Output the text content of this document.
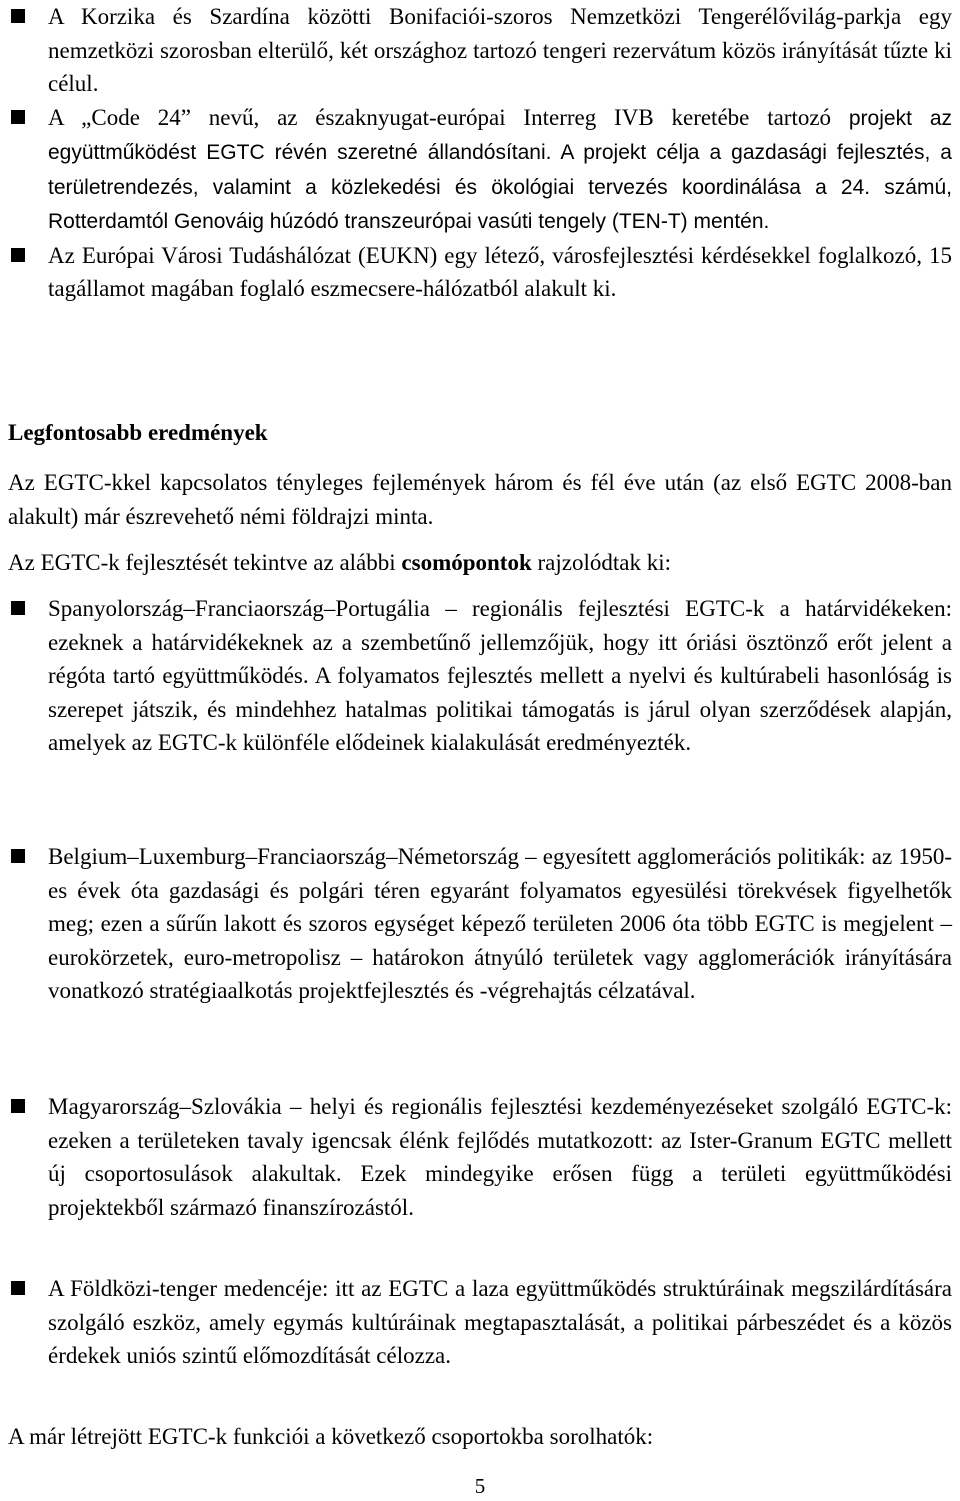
A Korzika és Szardína közötti Bonifaciói-szoros Nemzetközi Tengerélővilág-parkja egy nemzetközi szorosban elterülő, két országhoz tartozó tengeri rezervátum közös irányítását tűzte ki célul.
A „Code 24” nevű, az északnyugat-európai Interreg IVB keretébe tartozó projekt az együttműködést EGTC révén szeretné állandósítani. A projekt célja a gazdasági fejlesztés, a területrendezés, valamint a közlekedési és ökológiai tervezés koordinálása a 24. számú, Rotterdamtól Genováig húzódó transzeurópai vasúti tengely (TEN-T) mentén.
Az Európai Városi Tudáshálózat (EUKN) egy létező, városfejlesztési kérdésekkel foglalkozó, 15 tagállamot magában foglaló eszmecsere-hálózatból alakult ki.
Legfontosabb eredmények

Az EGTC-kkel kapcsolatos tényleges fejlemények három és fél éve után (az első EGTC 2008-ban alakult) már észrevehető némi földrajzi minta.

Az EGTC-k fejlesztését tekintve az alábbi csomópontok rajzolódtak ki:

Spanyolország–Franciaország–Portugália – regionális fejlesztési EGTC-k a határvidékeken: ezeknek a határvidékeknek az a szembetűnő jellemzőjük, hogy itt óriási ösztönző erőt jelent a régóta tartó együttműködés. A folyamatos fejlesztés mellett a nyelvi és kultúrabeli hasonlóság is szerepet játszik, és mindehhez hatalmas politikai támogatás is járul olyan szerződések alapján, amelyek az EGTC-k különféle elődeinek kialakulását eredményezték.
Belgium–Luxemburg–Franciaország–Németország – egyesített agglomerációs politikák: az 1950-es évek óta gazdasági és polgári téren egyaránt folyamatos egyesülési törekvések figyelhetők meg; ezen a sűrűn lakott és szoros egységet képező területen 2006 óta több EGTC is megjelent – eurokörzetek, euro-metropolisz – határokon átnyúló területek vagy agglomerációk irányítására vonatkozó stratégiaalkotás projektfejlesztés és -végrehajtás célzatával.
Magyarország–Szlovákia – helyi és regionális fejlesztési kezdeményezéseket szolgáló EGTC-k: ezeken a területeken tavaly igencsak élénk fejlődés mutatkozott: az Ister-Granum EGTC mellett új csoportosulások alakultak. Ezek mindegyike erősen függ a területi együttműködési projektekből származó finanszírozástól.
A Földközi-tenger medencéje: itt az EGTC a laza együttműködés struktúráinak megszilárdítására szolgáló eszköz, amely egymás kultúráinak megtapasztalását, a politikai párbeszédet és a közös érdekek uniós szintű előmozdítását célozza.

A már létrejött EGTC-k funkciói a következő csoportokba sorolhatók:

5
